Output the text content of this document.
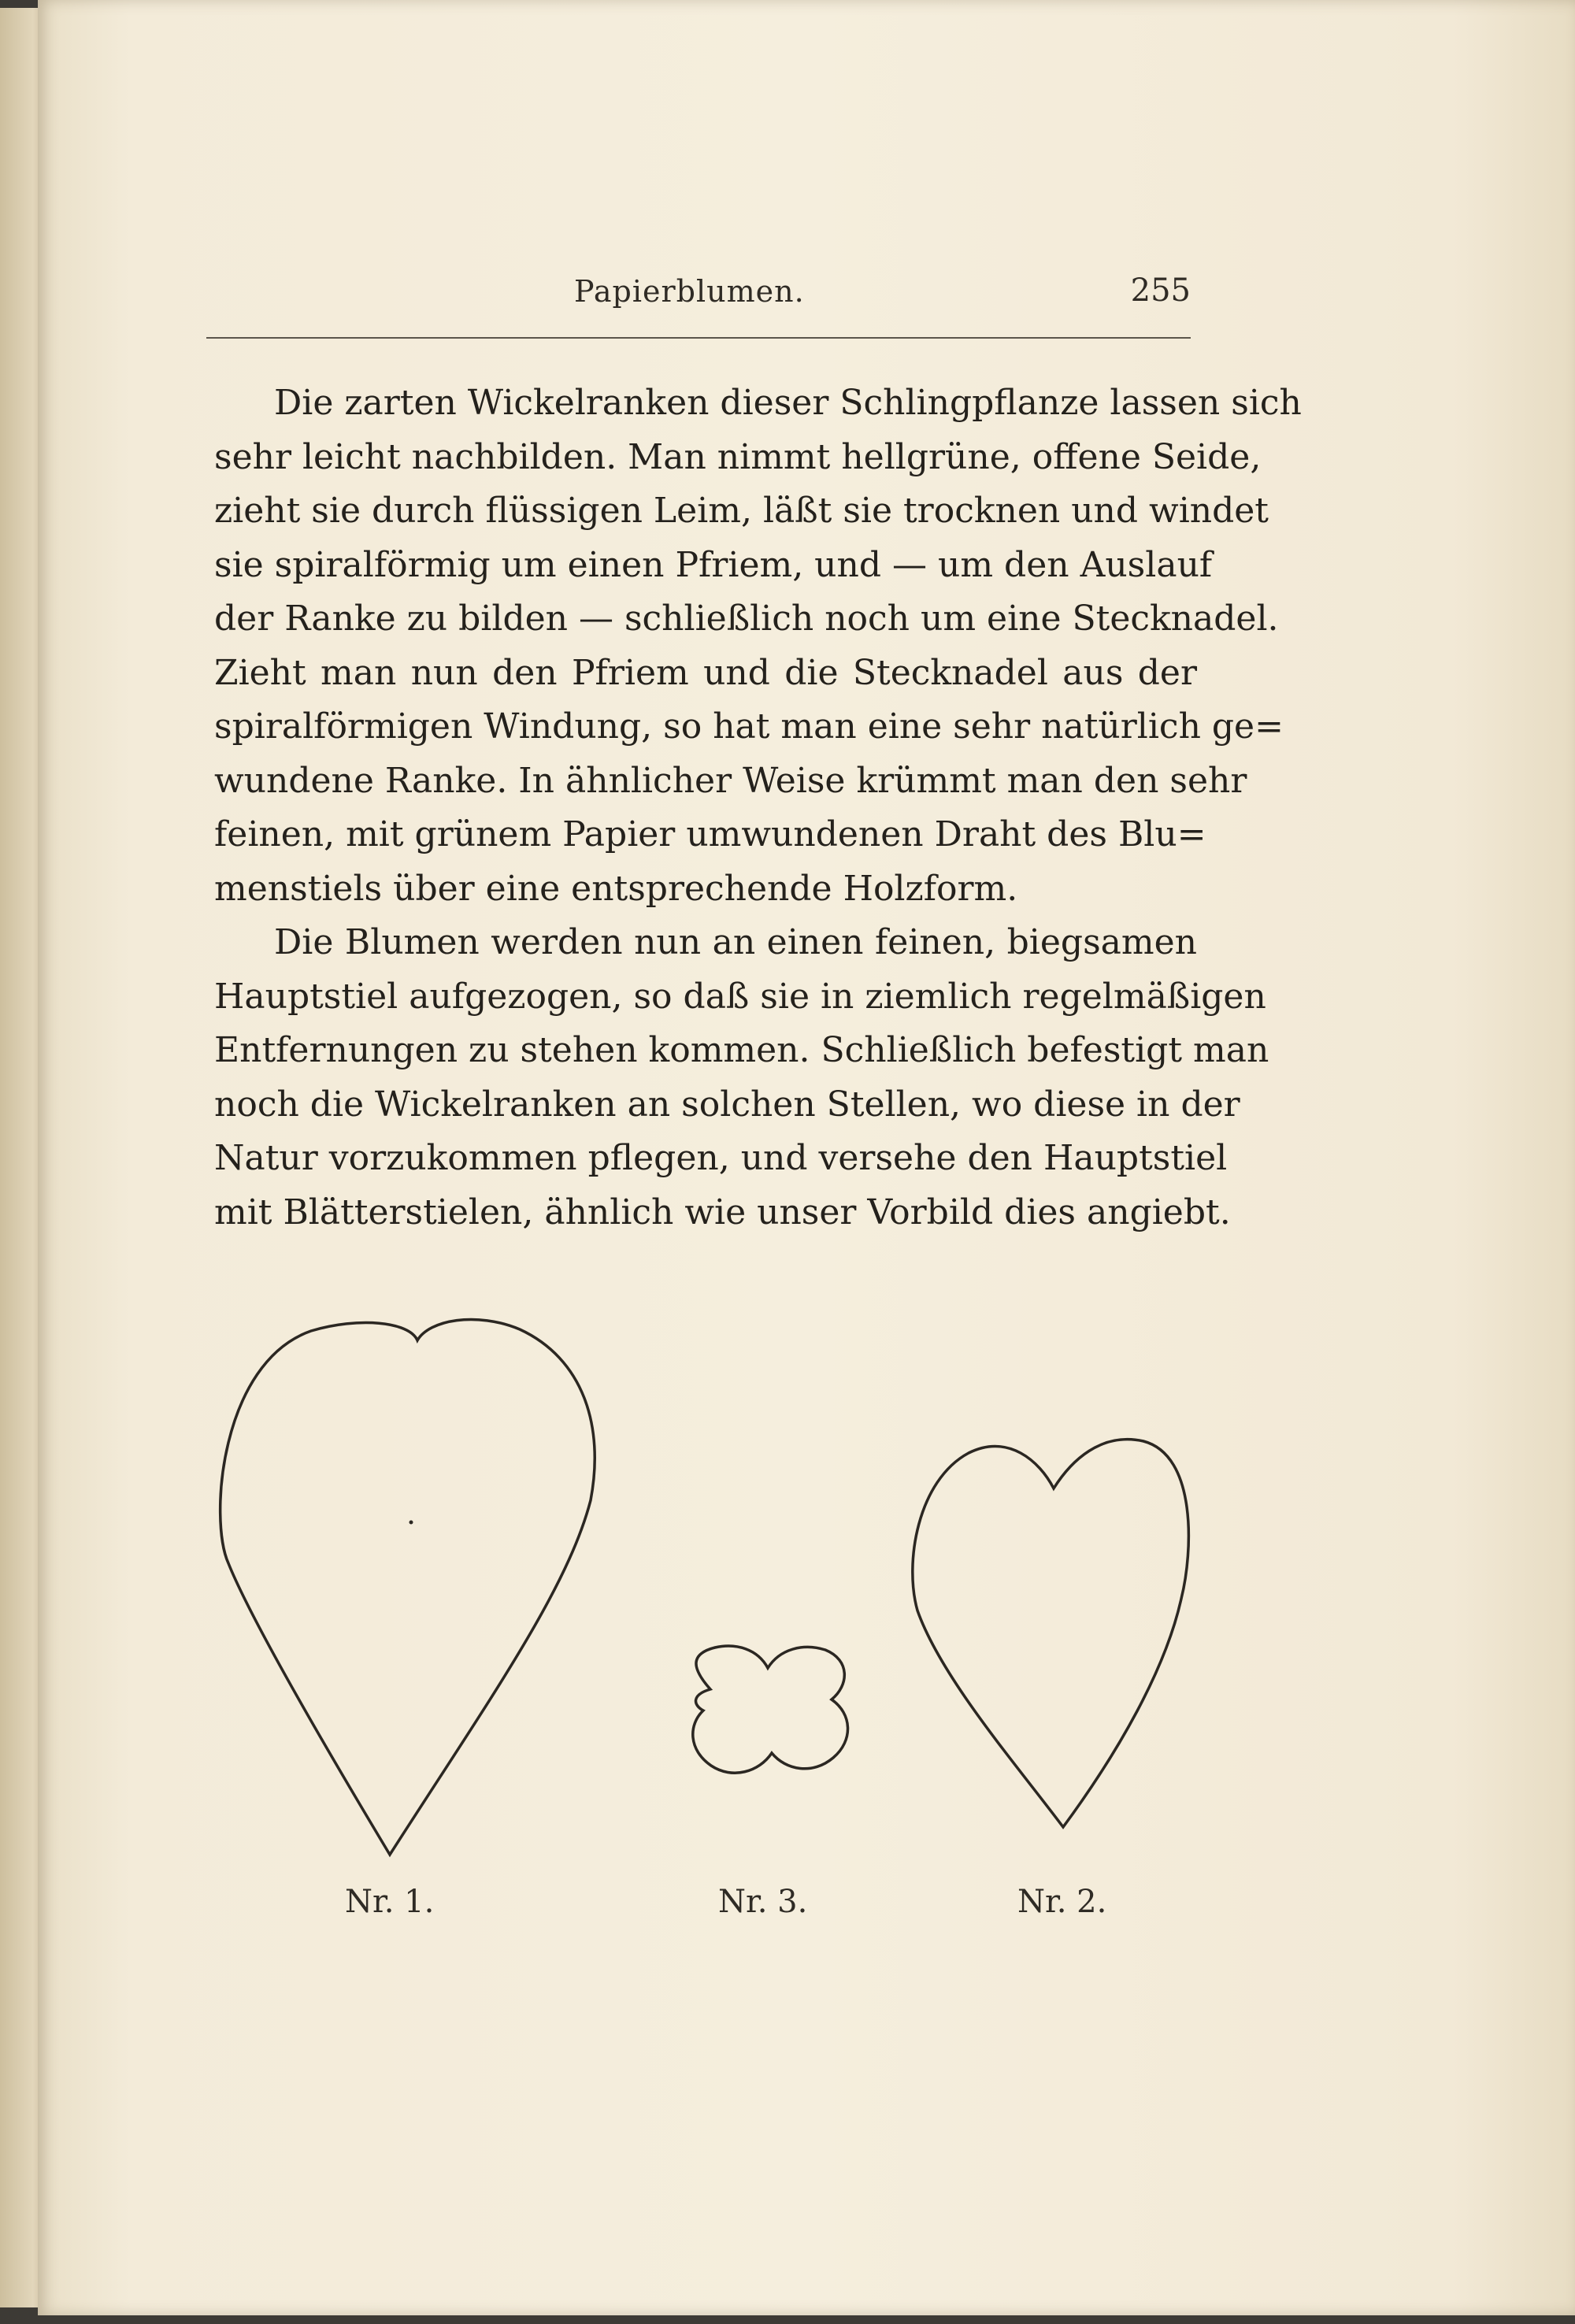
Papierblumen.	255
Die zarten Wickelranken dieser Schlingpflanze lassen sich
sehr leicht nachbilden. Man nimmt hellgrüne, offene Seide,
zieht sie durch flüssigen Leim, läßt sie trocknen und windet
sie spiralförmig um einen Pfriem, und — um den Auslauf
der Ranke zu bilden — schließlich noch um eine Stecknadel.
Zieht man nun den Pfriem und die Stecknadel aus der
spiralförmigen Windung, so hat man eine sehr natürlich ge=
wundene Ranke. In ähnlicher Weise krümmt man den sehr
feinen, mit grünem Papier umwundenen Draht des Blu=
menstiels über eine entsprechende Holzform.
Die Blumen werden nun an einen feinen, biegsamen
Hauptstiel aufgezogen, so daß sie in ziemlich regelmäßigen
Entfernungen zu stehen kommen. Schließlich befestigt man
noch die Wickelranken an solchen Stellen, wo diese in der
Natur vorzukommen pflegen, und versehe den Hauptstiel
mit Blätterstielen, ähnlich wie unser Vorbild dies angiebt.
Nr. 1.	Nr. 3.	Nr. 2.
